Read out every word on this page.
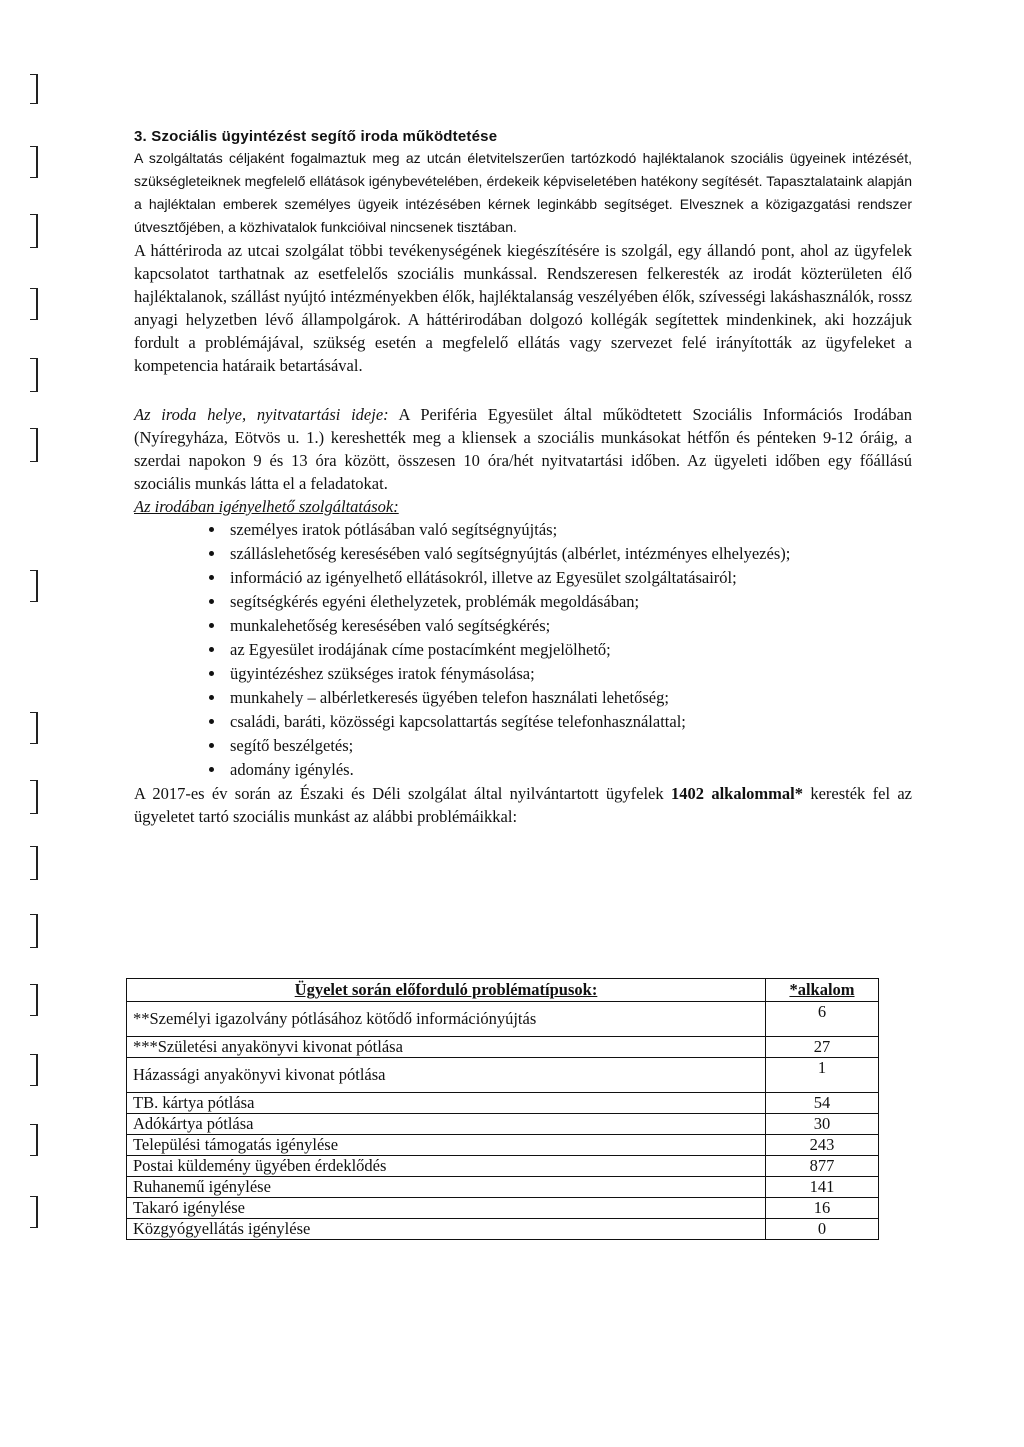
3. Szociális ügyintézést segítő iroda működtetése

A szolgáltatás céljaként fogalmaztuk meg az utcán életvitelszerűen tartózkodó hajléktalanok szociális ügyeinek intézését, szükségleteiknek megfelelő ellátások igénybevételében, érdekeik képviseletében hatékony segítését. Tapasztalataink alapján a hajléktalan emberek személyes ügyeik intézésében kérnek leginkább segítséget. Elvesznek a közigazgatási rendszer útvesztőjében, a közhivatalok funkcióival nincsenek tisztában.

A háttériroda az utcai szolgálat többi tevékenységének kiegészítésére is szolgál, egy állandó pont, ahol az ügyfelek kapcsolatot tarthatnak az esetfelelős szociális munkással. Rendszeresen felkeresték az irodát közterületen élő hajléktalanok, szállást nyújtó intézményekben élők, hajléktalanság veszélyében élők, szívességi lakáshasználók, rossz anyagi helyzetben lévő állampolgárok. A háttérirodában dolgozó kollégák segítettek mindenkinek, aki hozzájuk fordult a problémájával, szükség esetén a megfelelő ellátás vagy szervezet felé irányították az ügyfeleket a kompetencia határaik betartásával.

Az iroda helye, nyitvatartási ideje: A Periféria Egyesület által működtetett Szociális Információs Irodában (Nyíregyháza, Eötvös u. 1.) kereshették meg a kliensek a szociális munkásokat hétfőn és pénteken 9-12 óráig, a szerdai napokon 9 és 13 óra között, összesen 10 óra/hét nyitvatartási időben. Az ügyeleti időben egy főállású szociális munkás látta el a feladatokat.

Az irodában igényelhető szolgáltatások:

• személyes iratok pótlásában való segítségnyújtás;
• szálláslehetőség keresésében való segítségnyújtás (albérlet, intézményes elhelyezés);
• információ az igényelhető ellátásokról, illetve az Egyesület szolgáltatásairól;
• segítségkérés egyéni élethelyzetek, problémák megoldásában;
• munkalehetőség keresésében való segítségkérés;
• az Egyesület irodájának címe postacímként megjelölhető;
• ügyintézéshez szükséges iratok fénymásolása;
• munkahely – albérletkeresés ügyében telefon használati lehetőség;
• családi, baráti, közösségi kapcsolattartás segítése telefonhasználattal;
• segítő beszélgetés;
• adomány igénylés.

A 2017-es év során az Északi és Déli szolgálat által nyilvántartott ügyfelek 1402 alkalommal* keresték fel az ügyeletet tartó szociális munkást az alábbi problémáikkal:

Ügyelet során előforduló problématípusok:	*alkalom
**Személyi igazolvány pótlásához kötődő információnyújtás	6
***Születési anyakönyvi kivonat pótlása	27
Házassági anyakönyvi kivonat pótlása	1
TB. kártya pótlása	54
Adókártya pótlása	30
Települési támogatás igénylése	243
Postai küldemény ügyében érdeklődés	877
Ruhanemű igénylése	141
Takaró igénylése	16
Közgyógyellátás igénylése	0
